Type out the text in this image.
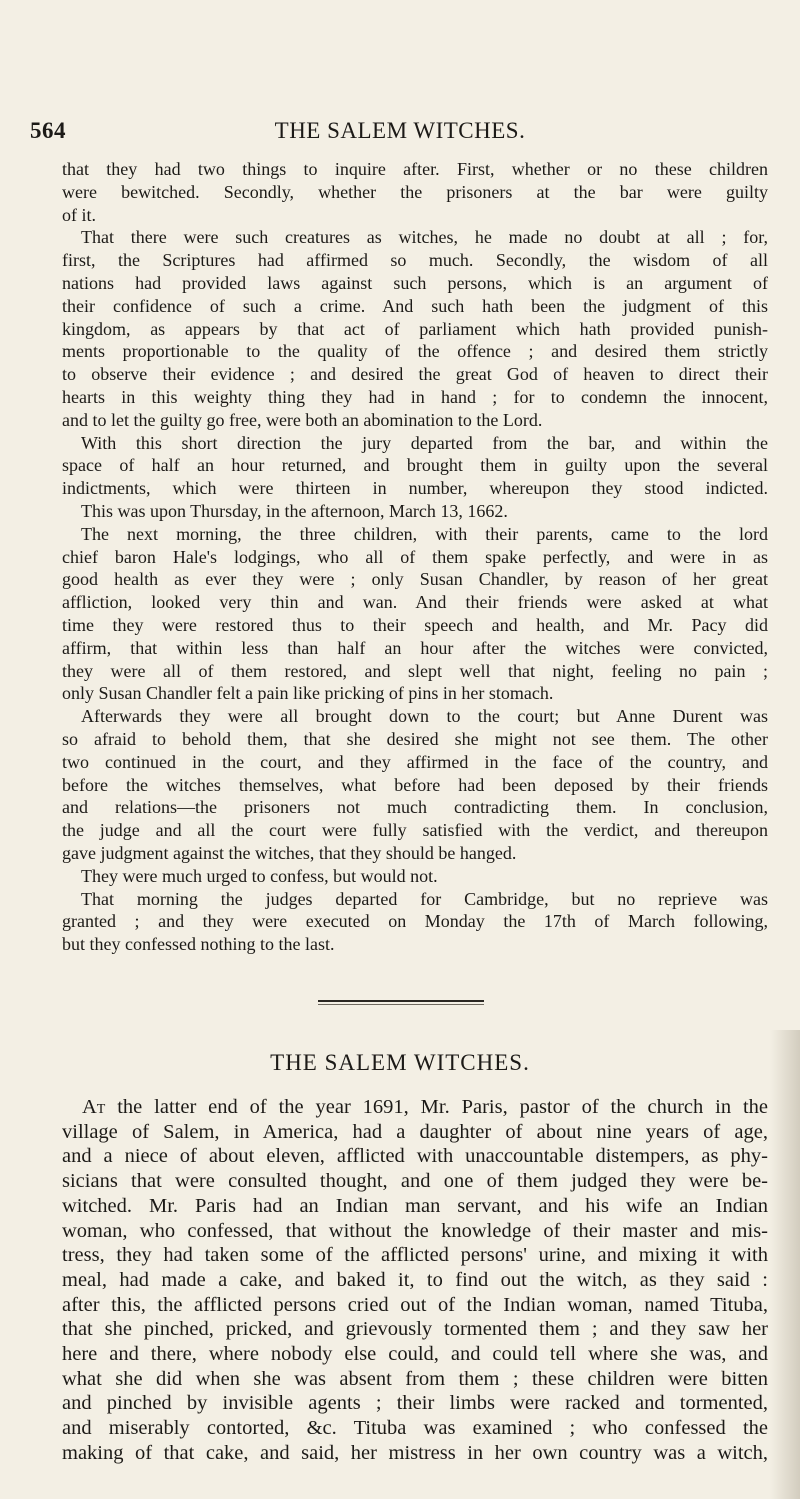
564	THE SALEM WITCHES.
that they had two things to inquire after. First, whether or no these children
were bewitched. Secondly, whether the prisoners at the bar were guilty
of it.
That there were such creatures as witches, he made no doubt at all ; for,
first, the Scriptures had affirmed so much. Secondly, the wisdom of all
nations had provided laws against such persons, which is an argument of
their confidence of such a crime. And such hath been the judgment of this
kingdom, as appears by that act of parliament which hath provided punish-
ments proportionable to the quality of the offence ; and desired them strictly
to observe their evidence ; and desired the great God of heaven to direct their
hearts in this weighty thing they had in hand ; for to condemn the innocent,
and to let the guilty go free, were both an abomination to the Lord.
With this short direction the jury departed from the bar, and within the
space of half an hour returned, and brought them in guilty upon the several
indictments, which were thirteen in number, whereupon they stood indicted.
This was upon Thursday, in the afternoon, March 13, 1662.
The next morning, the three children, with their parents, came to the lord
chief baron Hale's lodgings, who all of them spake perfectly, and were in as
good health as ever they were ; only Susan Chandler, by reason of her great
affliction, looked very thin and wan. And their friends were asked at what
time they were restored thus to their speech and health, and Mr. Pacy did
affirm, that within less than half an hour after the witches were convicted,
they were all of them restored, and slept well that night, feeling no pain ;
only Susan Chandler felt a pain like pricking of pins in her stomach.
Afterwards they were all brought down to the court; but Anne Durent was
so afraid to behold them, that she desired she might not see them. The other
two continued in the court, and they affirmed in the face of the country, and
before the witches themselves, what before had been deposed by their friends
and relations—the prisoners not much contradicting them. In conclusion,
the judge and all the court were fully satisfied with the verdict, and thereupon
gave judgment against the witches, that they should be hanged.
They were much urged to confess, but would not.
That morning the judges departed for Cambridge, but no reprieve was
granted ; and they were executed on Monday the 17th of March following,
but they confessed nothing to the last.
THE SALEM WITCHES.
At the latter end of the year 1691, Mr. Paris, pastor of the church in the
village of Salem, in America, had a daughter of about nine years of age,
and a niece of about eleven, afflicted with unaccountable distempers, as phy-
sicians that were consulted thought, and one of them judged they were be-
witched. Mr. Paris had an Indian man servant, and his wife an Indian
woman, who confessed, that without the knowledge of their master and mis-
tress, they had taken some of the afflicted persons' urine, and mixing it with
meal, had made a cake, and baked it, to find out the witch, as they said :
after this, the afflicted persons cried out of the Indian woman, named Tituba,
that she pinched, pricked, and grievously tormented them ; and they saw her
here and there, where nobody else could, and could tell where she was, and
what she did when she was absent from them ; these children were bitten
and pinched by invisible agents ; their limbs were racked and tormented,
and miserably contorted, &c. Tituba was examined ; who confessed the
making of that cake, and said, her mistress in her own country was a witch,
